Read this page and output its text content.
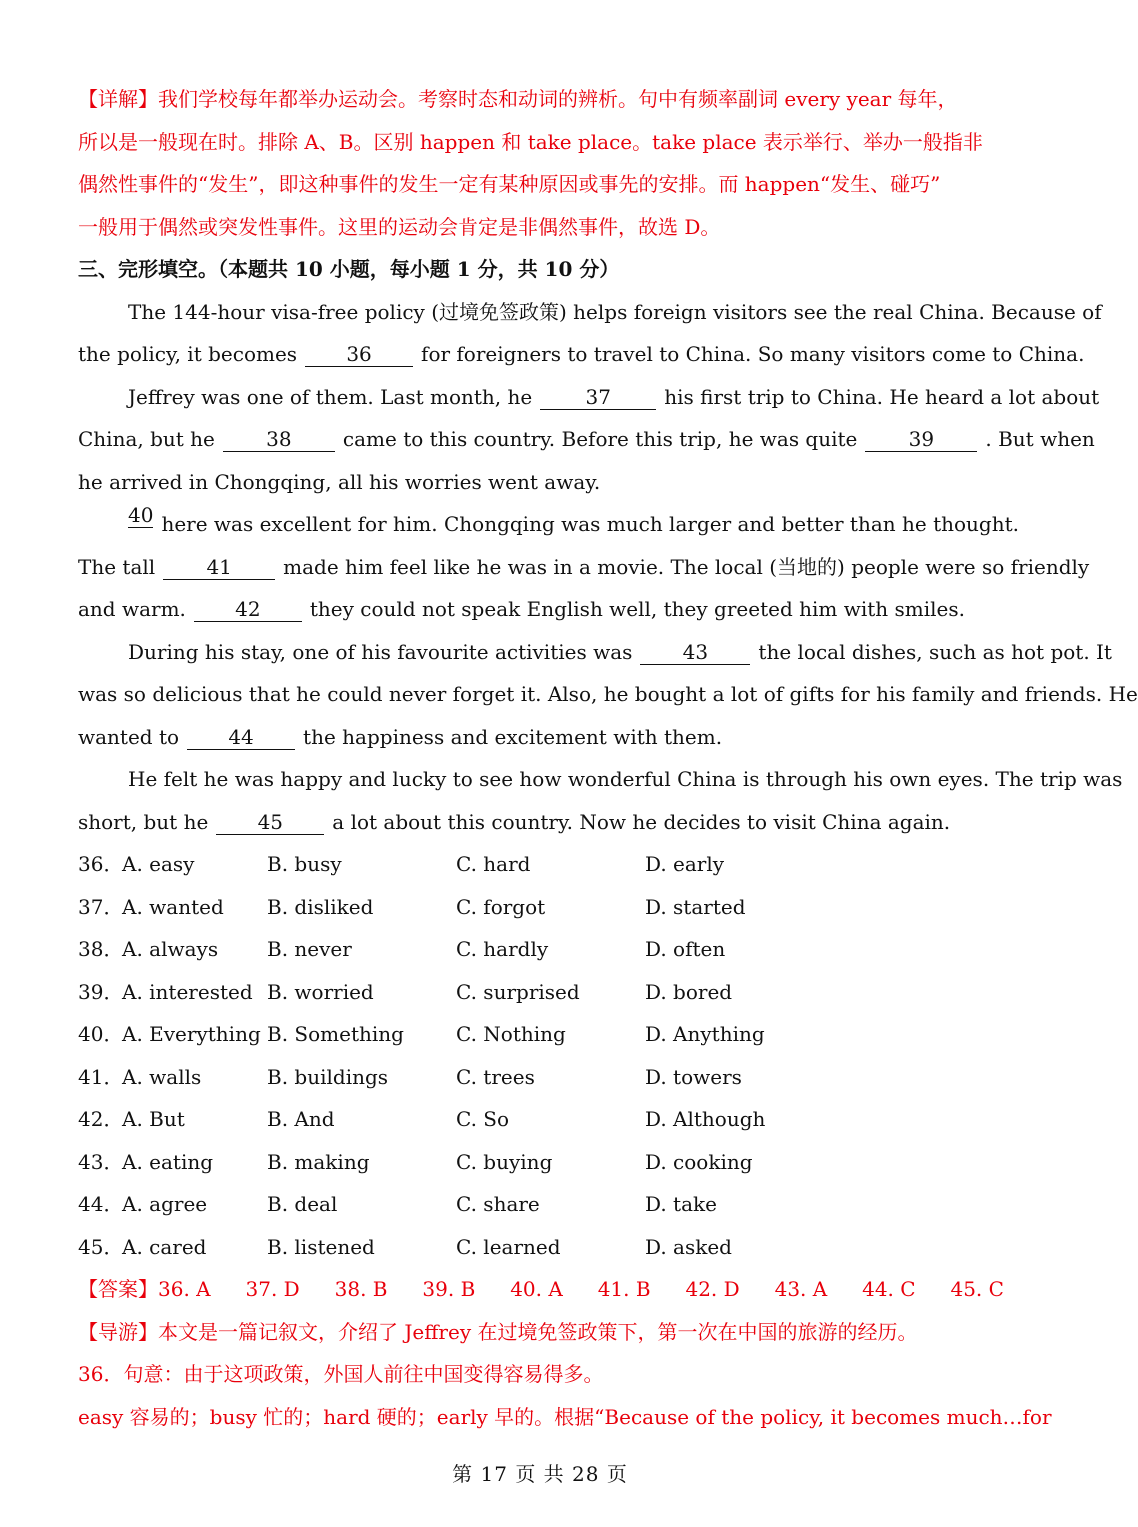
【详解】我们学校每年都举办运动会。考察时态和动词的辨析。句中有频率副词 every year 每年，
所以是一般现在时。排除 A、B。区别 happen 和 take place。take place 表示举行、举办一般指非
偶然性事件的“发生”，即这种事件的发生一定有某种原因或事先的安排。而 happen“发生、碰巧”
一般用于偶然或突发性事件。这里的运动会肯定是非偶然事件，故选 D。
三、完形填空。（本题共 10 小题，每小题 1 分，共 10 分）
The 144-hour visa-free policy (过境免签政策) helps foreign visitors see the real China. Because of
the policy, it becomes 36 for foreigners to travel to China. So many visitors come to China.
Jeffrey was one of them. Last month, he	37	his first trip to China. He heard a lot about
China, but he	38	came to this country. Before this trip, he was quite	39	. But when
he arrived in Chongqing, all his worries went away.
40 here was excellent for him. Chongqing was much larger and better than he thought.
The tall	41	made him feel like he was in a movie. The local (当地的) people were so friendly
and warm. 42 they could not speak English well, they greeted him with smiles.
During his stay, one of his favourite activities was	43	the local dishes, such as hot pot. It
was so delicious that he could never forget it. Also, he bought a lot of gifts for his family and friends. He
wanted to 44 the happiness and excitement with them.
He felt he was happy and lucky to see how wonderful China is through his own eyes. The trip was
short, but he 45 a lot about this country. Now he decides to visit China again.
36．
A. easy	B. busy	C. hard	D. early
37．
A. wanted	B. disliked	C. forgot	D. started
38．
A. always	B. never	C. hardly	D. often
39．
A. interested B. worried	C. surprised	D. bored
40．
A. Everything B. Something	C. Nothing	D. Anything
41．
A. walls	B. buildings	C. trees	D. towers
42．
A. But	B. And	C. So	D. Although
43．
A. eating	B. making	C. buying	D. cooking
44．
A. agree	B. deal	C. share	D. take
45．
A. cared	B. listened	C. learned	D. asked
【答案】36. A 37. D 38. B 39. B 40. A 41. B 42. D 43. A 44. C 45. C
【导游】本文是一篇记叙文，介绍了 Jeffrey 在过境免签政策下，第一次在中国的旅游的经历。
36．句意：由于这项政策，外国人前往中国变得容易得多。
easy 容易的；busy 忙的；hard 硬的；early 早的。根据“Because of the policy, it becomes much…for
第 17 页 共 28 页
